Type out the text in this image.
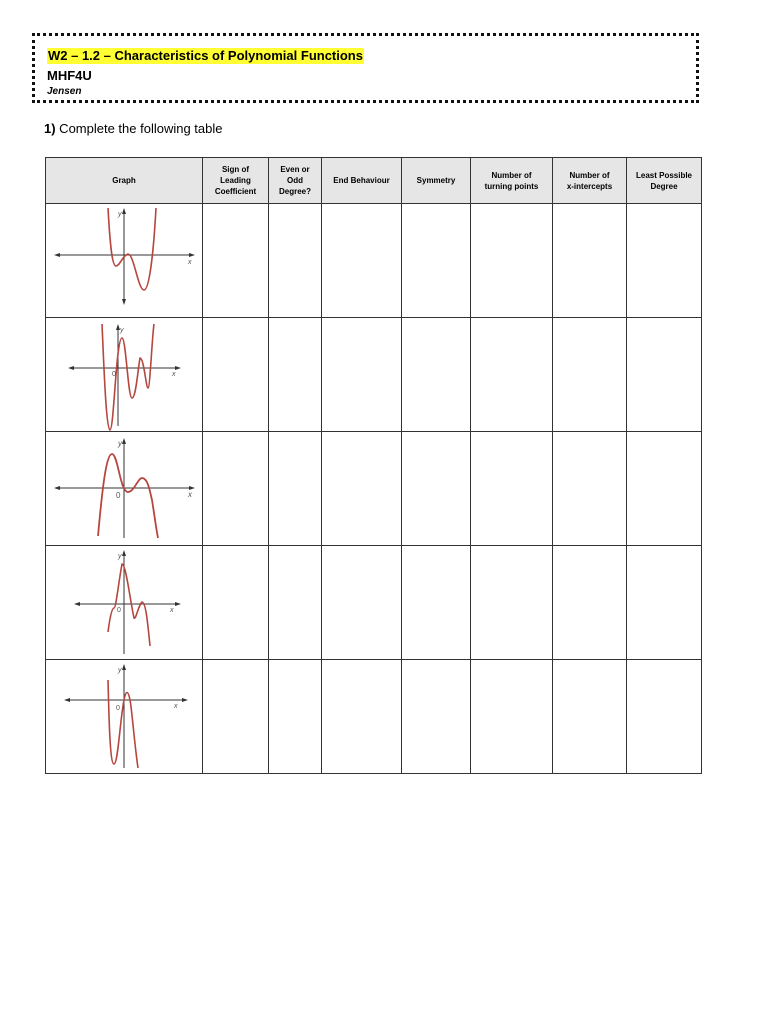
W2 – 1.2 – Characteristics of Polynomial Functions
MHF4U
Jensen
1) Complete the following table
Graph	Sign of
Leading
Coefficient	Even or
Odd
Degree?	End Behaviour	Symmetry	Number of
turning points	Number of
x-intercepts	Least Possible
Degree

y
x							

y
x
0							

y
x
0							

y
x
0							

y
x
0							
